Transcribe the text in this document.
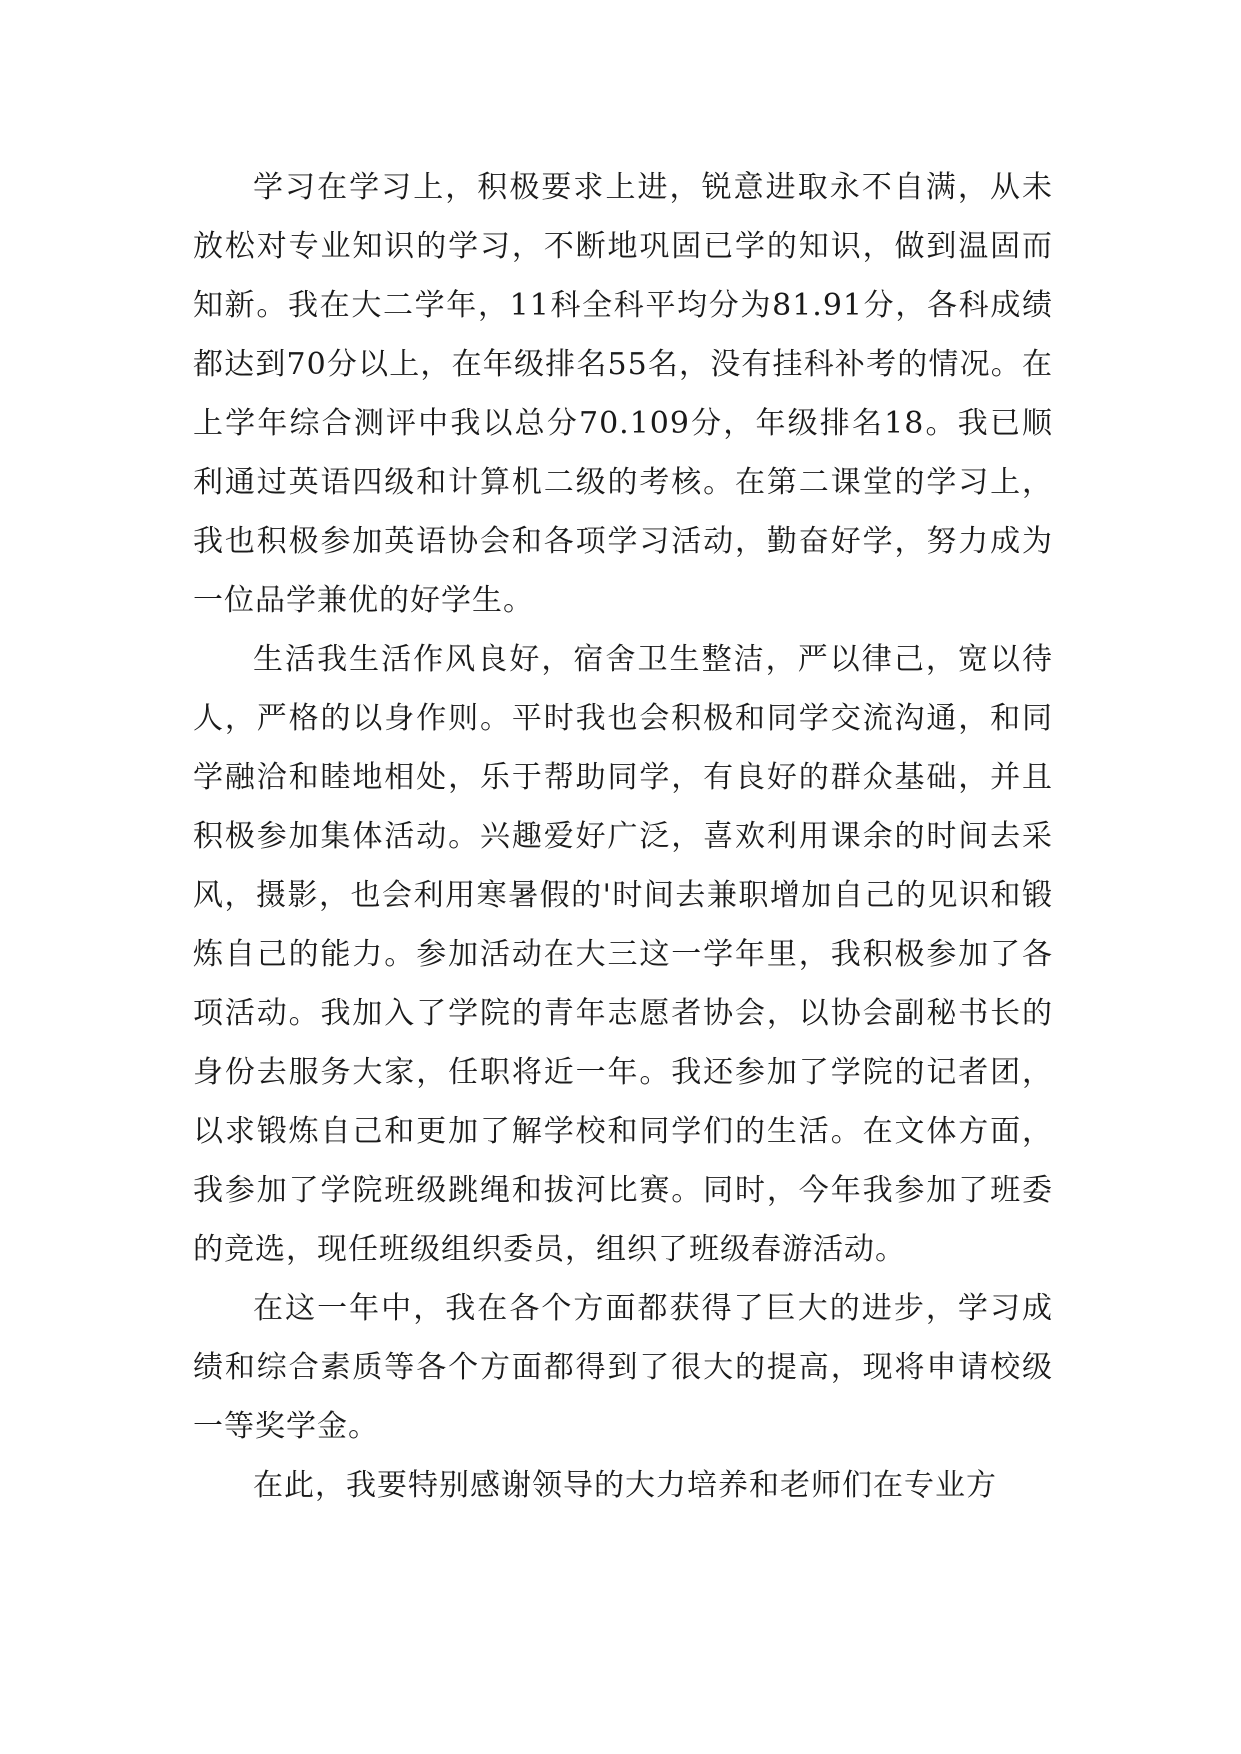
学习在学习上，积极要求上进，锐意进取永不自满，从未放松对专业知识的学习，不断地巩固已学的知识，做到温固而知新。我在大二学年，11科全科平均分为81.91分，各科成绩都达到70分以上，在年级排名55名，没有挂科补考的情况。在上学年综合测评中我以总分70.109分，年级排名18。我已顺利通过英语四级和计算机二级的考核。在第二课堂的学习上，我也积极参加英语协会和各项学习活动，勤奋好学，努力成为一位品学兼优的好学生。

生活我生活作风良好，宿舍卫生整洁，严以律己，宽以待人，严格的以身作则。平时我也会积极和同学交流沟通，和同学融洽和睦地相处，乐于帮助同学，有良好的群众基础，并且积极参加集体活动。兴趣爱好广泛，喜欢利用课余的时间去采风，摄影，也会利用寒暑假的'时间去兼职增加自己的见识和锻炼自己的能力。参加活动在大三这一学年里，我积极参加了各项活动。我加入了学院的青年志愿者协会，以协会副秘书长的身份去服务大家，任职将近一年。我还参加了学院的记者团，以求锻炼自己和更加了解学校和同学们的生活。在文体方面，我参加了学院班级跳绳和拔河比赛。同时，今年我参加了班委的竞选，现任班级组织委员，组织了班级春游活动。

在这一年中，我在各个方面都获得了巨大的进步，学习成绩和综合素质等各个方面都得到了很大的提高，现将申请校级一等奖学金。

在此，我要特别感谢领导的大力培养和老师们在专业方
